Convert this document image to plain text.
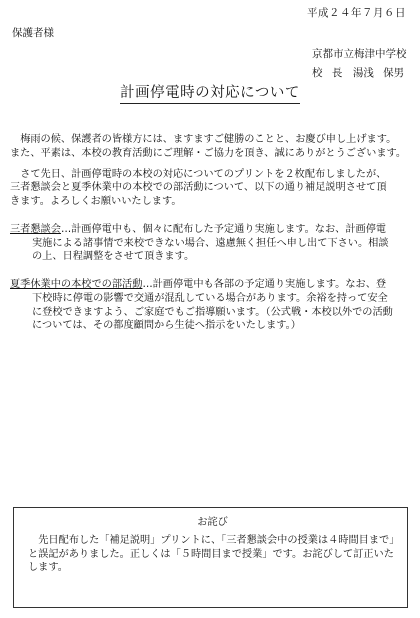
平成２４年７月６日
保護者様
京都市立梅津中学校
校 長　湯浅 保男
計画停電時の対応について

梅雨の候、保護者の皆様方には、ますますご健勝のことと、お慶び申し上げます。

また、平素は、本校の教育活動にご理解・ご協力を頂き、誠にありがとうございます。

さて先日、計画停電時の本校の対応についてのプリントを２枚配布しましたが、

三者懇談会と夏季休業中の本校での部活動について、以下の通り補足説明させて頂

きます。よろしくお願いいたします。

三者懇談会…計画停電中も、個々に配布した予定通り実施します。なお、計画停電

実施による諸事情で来校できない場合、遠慮無く担任へ申し出て下さい。相談

の上、日程調整をさせて頂きます。

夏季休業中の本校での部活動…計画停電中も各部の予定通り実施します。なお、登

下校時に停電の影響で交通が混乱している場合があります。余裕を持って安全

に登校できますよう、ご家庭でもご指導願います。（公式戦・本校以外での活動

については、その都度顧問から生徒へ指示をいたします。）

お詫び

先日配布した「補足説明」プリントに、「三者懇談会中の授業は４時間目まで」

と誤記がありました。正しくは「５時間目まで授業」です。お詫びして訂正いた

します。
